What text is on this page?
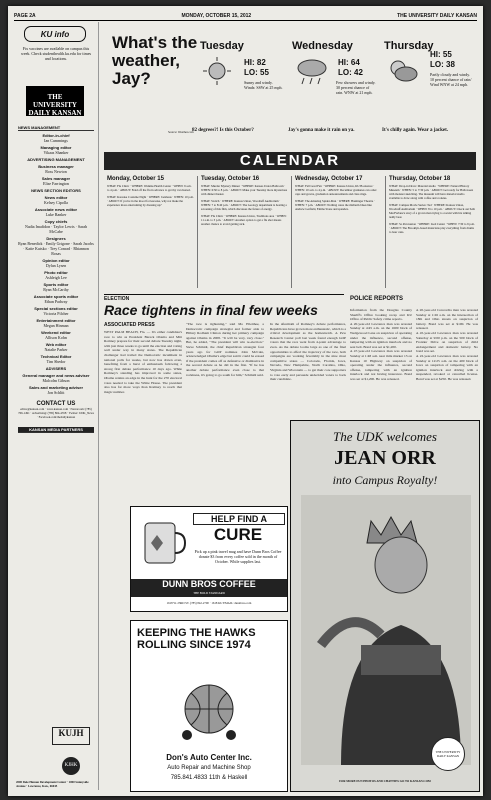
PAGE 2A	MONDAY, OCTOBER 15, 2012	THE UNIVERSITY DAILY KANSAN
KU info
Fix vaccines are available on campus this week. Check studenthealth.ku.edu for times and locations.
THE UNIVERSITY DAILY KANSAN
NEWS MANAGEMENT
Editor-in-chief
Ian Cummings
Managing editor
Vikaas Shanker
ADVERTISING MANAGEMENT
Business manager
Ross Newton
Sales manager
Elise Farrington
NEWS SECTION EDITORS
News editor
Kelsey Cipolla
Associate news editor
Luke Ranker
Copy chiefs
Nadia Imafidon · Taylor Lewis · Sarah McCabe
Designers
Ryan Benedick · Emily Grigone · Sarah Jacobs · Katie Kutsko · Trey Conrad · Rhiannon Rosas
Opinion editor
Dylan Lysen
Photo editor
Ashleigh Lee
Sports editor
Ryan McCarthy
Associate sports editor
Ethan Padway
Special sections editor
Victoria Pilcher
Entertainment editor
Megan Hinman
Weekend editor
Allison Kohn
Web editor
Natalie Parker
Technical Editor
Tim Shedor
ADVISERS
General manager and news adviser
Malcolm Gibson
Sales and marketing adviser
Jon Schlitt
CONTACT US
editor@kansan.com · www.kansan.com · Newsroom: (785) 766-1491 · Advertising: (785) 864-4358 · Twitter: UDK_News · Facebook.com/thedailykansan
KANSAN MEDIA PARTNERS
KUJH
KJHK
2000 Dole Human Development Center · 1000 Sunnyside Avenue · Lawrence, Kan., 66045
What's the weather, Jay?
Source: Weather.com
Tuesday
HI: 82
LO: 55
Sunny and windy. Winds: SSW at 25 mph.
82 degrees?! Is this October?
Wednesday
HI: 64
LO: 42
Few showers and windy. 30 percent chance of rain. WNW at 21 mph.
Jay's gonna make it rain on ya.
Thursday
HI: 55
LO: 38
Partly cloudy and windy. 10 percent chance of rain/ Wind WNW at 24 mph.
It's chilly again. Wear a jacket.
CALENDAR
Monday, October 15
WHAT: Flu Clinic · WHERE: Watkins Health Center · WHEN: 9 a.m. to 4 p.m. · ABOUT: Fend off the flu in advance to get thy vaccinated.
WHAT: Karaoke Costume Night · WHERE: Jazzhaus · WHEN: 10 p.m. · ABOUT: If you're in the mood for karaoke, why not make the experience more entertaining by dressing up?
Tuesday, October 16
WHAT: Murder Mystery Dinner · WHERE: Kansas Union Ballroom · WHEN: 6:30 to 8 p.m. · ABOUT: Make your Tuesday more mysterious with dinner theater.
WHAT: Switch · WHERE: Kansas Union, Woodruff Auditorium · WHEN: 7 to 8:40 p.m. · ABOUT: The Geology department is hosting a screening of this film, which discusses the future of energy.
WHAT: Flu Clinic · WHERE: Kansas Union, Traditions area · WHEN: 11 a.m. to 3 p.m. · ABOUT: Another option to get a flu shot means another chance to avoid getting sick.
Wednesday, October 17
WHAT: Fall Grad Fair · WHERE: Kansas Union, KU Bookstore · WHEN: 10 a.m. to 4 p.m. · ABOUT: December graduates can order caps and gowns, graduation announcements and class rings.
WHAT: The Amazing Spider-Man · WHERE: Hashinger Theatre · WHEN: 7 p.m. · ABOUT: Nothing cures the midterm blues like Andrew Garfield, Emma Stone and spandex.
Thursday, October 18
WHAT: Drop-in Draw: Material studio · WHERE: Natural History Museum · WHEN: 5 to 7:30 p.m. · ABOUT: Get ready for Halloween with monster sketching. The museum will have material studio available to draw along with coffee and cookies.
WHAT: Campus Movie Series: Ted · WHERE: Kansas Union, Woodruff Auditorium · WHEN: 8 to 10 p.m. · ABOUT: Check out Seth MacFarlane's story of a grown man trying to coexist with his talking teddy bear.
WHAT: So Percussion · WHERE: Lied Center · WHEN: 7:30 to 9 p.m. · ABOUT: The Brooklyn-based musicians play everything from drums to beer cans.
ELECTION
Race tightens in final few weeks
ASSOCIATED PRESS
WEST PALM BEACH, Fla. — It's either candidate's race to win as President Barack Obama and Mitt Romney prepare for their second debate Tuesday night, with just three weeks to go until the election and voting well under way in many states. The Republican challenger had trailed the Democratic incumbent in national polls for weeks, but now has drawn even, benefiting from a burst of enthusiasm following a strong first debate performance 10 days ago. While Romney's standing has improved in some states, Obama retains an edge in the hunt for the 270 electoral votes needed to take the White House. The president also has far more ways than Romney to reach that magic number.
"The race is tightening," said Mo Elleithee, a Democratic campaign strategist and former aide to Hillary Rodham Clinton during her primary campaign against Obama in 2008. "It will be very, very close." But, he added, "The president will win re-election." Steve Schmidt, the chief Republican strategist four years ago for GOP nominee John McCain, acknowledged Obama's edge but said it could be erased if the president comes off as defensive or dismissive in the second debate as he did in the first. "If he has another debate performance even close to that rockiness, it's going to go south for him," Schmidt said.
In the aftermath of Romney's debate performance, Republicans have grown more enthusiastic, which is a critical development as the homestretch. A Pew Research Center poll last week found enough GOP voters that the race went from 4-point advantage to even. As the debate looms large as one of the final opportunities to affect the trajectory of the race, both campaigns are working feverishly in the nine most competitive states — Colorado, Florida, Iowa, Nevada, New Hampshire, North Carolina, Ohio, Virginia and Wisconsin — to get their core supporters to vote early and persuade undecided voters to back their candidate.
POLICE REPORTS
Information from the Douglas County Sheriff's Office booking recap and KU Office of Public Safety crime reports.
A 20-year-old Lawrence man was arrested Sunday at 4:45 a.m. on the 1600 block of Wedgewood Lane on suspicion of operating under the influence, second offense, tampering with an ignition interlock and no seat belt. Bond was set at $1,200.
A 47-year-old Lawrence man was arrested Sunday at 1:48 a.m. near mile marker 13 on Kansas 10 Highway on suspicion of operating under the influence, second offense, tampering with an ignition interlock and not having insurance. Bond was set at $1,200. He was released.
A 20-year-old Concordia man was arrested Sunday at 1:26 a.m. on the intersection of 18th and Ohio streets on suspicion of battery. Bond was set at $100. He was released.
A 45-year-old Lawrence man was arrested Saturday at 9:00 p.m. on the 500 block of Frontier Drive on suspicion of child endangerment and domestic battery. No bond was set.
A 22-year-old Lawrence man was arrested Sunday at 12:25 a.m. on the 400 block of Iowa on suspicion of tampering with an ignition interlock and driving with a suspended, revoked or cancelled license. Bond was set at $250. He was released.
HELP FIND A
CURE
Pick up a pink travel mug and have Dunn Bros Coffee donate $3 from every coffee sold in the month of October. While supplies last.
DUNN BROS COFFEE
THE BOLD STANDARD
1618 W. 23RD ST. (785) 842-2700 · 1618 KU EMAIL: dunnbros.com
KEEPING THE HAWKS ROLLING SINCE 1974
Don's Auto Center Inc.
Auto Repair and Machine Shop
785.841.4833 11th & Haskell
The UDK welcomes
JEAN ORR
into Campus Royalty!
THE UNIVERSITY DAILY KANSAN
FOR MORE FUN PHOTOS AND CHATTIES GO TO KANSAN.COM
